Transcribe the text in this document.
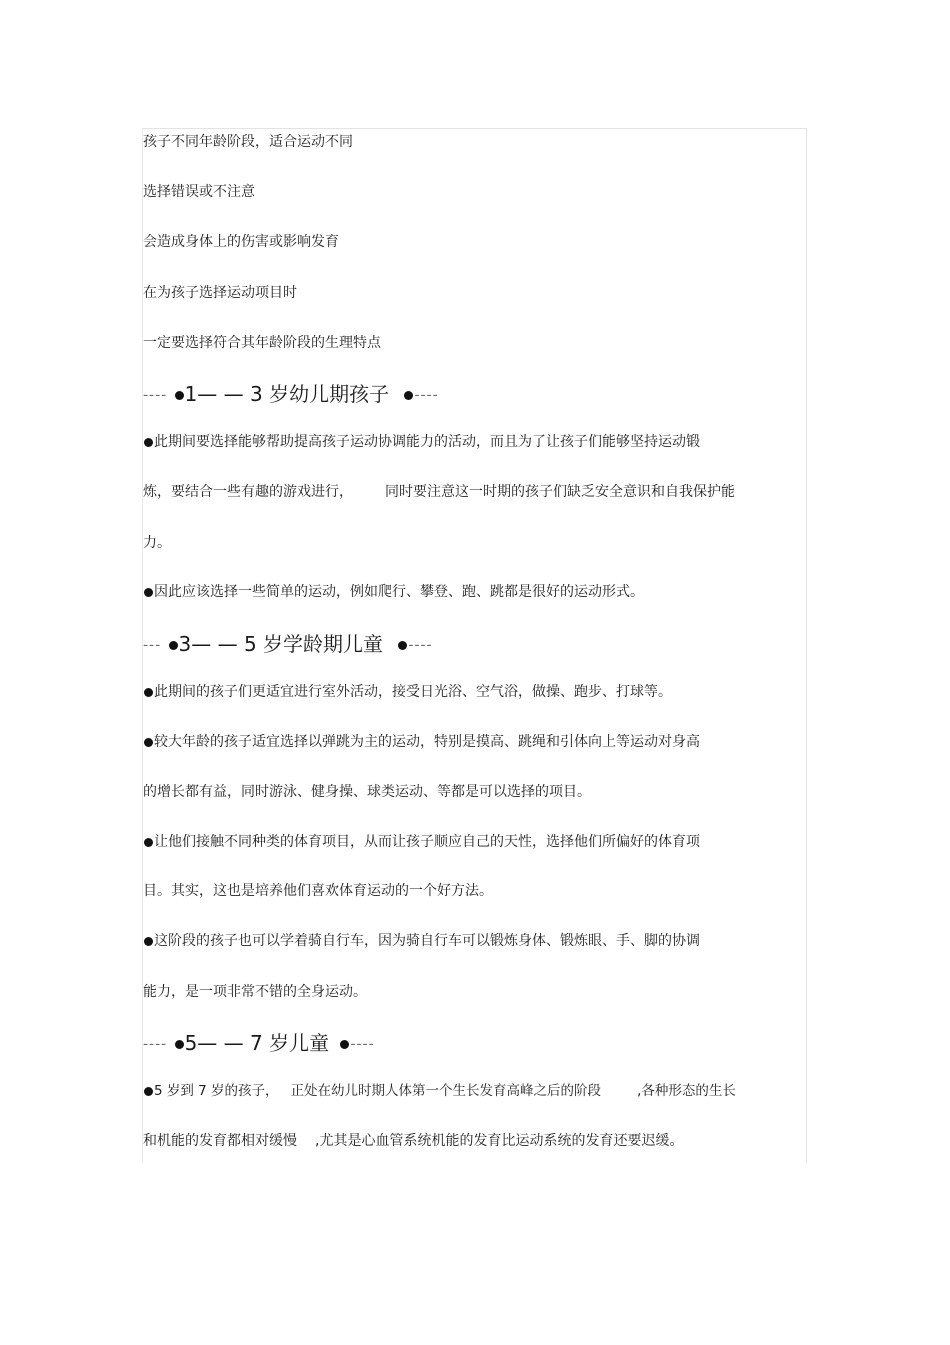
孩子不同年龄阶段，适合运动不同
选择错误或不注意
会造成身体上的伤害或影响发育
在为孩子选择运动项目时
一定要选择符合其年龄阶段的生理特点
---- 1— — 3 岁幼儿期孩子 ----
此期间要选择能够帮助提高孩子运动协调能力的活动，而且为了让孩子们能够坚持运动锻
炼，要结合一些有趣的游戏进行， 同时要注意这一时期的孩子们缺乏安全意识和自我保护能
力。
因此应该选择一些简单的运动，例如爬行、攀登、跑、跳都是很好的运动形式。
--- 3— — 5 岁学龄期儿童 ----
此期间的孩子们更适宜进行室外活动，接受日光浴、空气浴，做操、跑步、打球等。
较大年龄的孩子适宜选择以弹跳为主的运动，特别是摸高、跳绳和引体向上等运动对身高
的增长都有益，同时游泳、健身操、球类运动、等都是可以选择的项目。
让他们接触不同种类的体育项目，从而让孩子顺应自己的天性，选择他们所偏好的体育项
目。其实，这也是培养他们喜欢体育运动的一个好方法。
这阶段的孩子也可以学着骑自行车，因为骑自行车可以锻炼身体、锻炼眼、手、脚的协调
能力，是一项非常不错的全身运动。
---- 5— — 7 岁儿童 ----
5 岁到 7 岁的孩子， 正处在幼儿时期人体第一个生长发育高峰之后的阶段	,各种形态的生长
和机能的发育都相对缓慢 ,尤其是心血管系统机能的发育比运动系统的发育还要迟缓。
